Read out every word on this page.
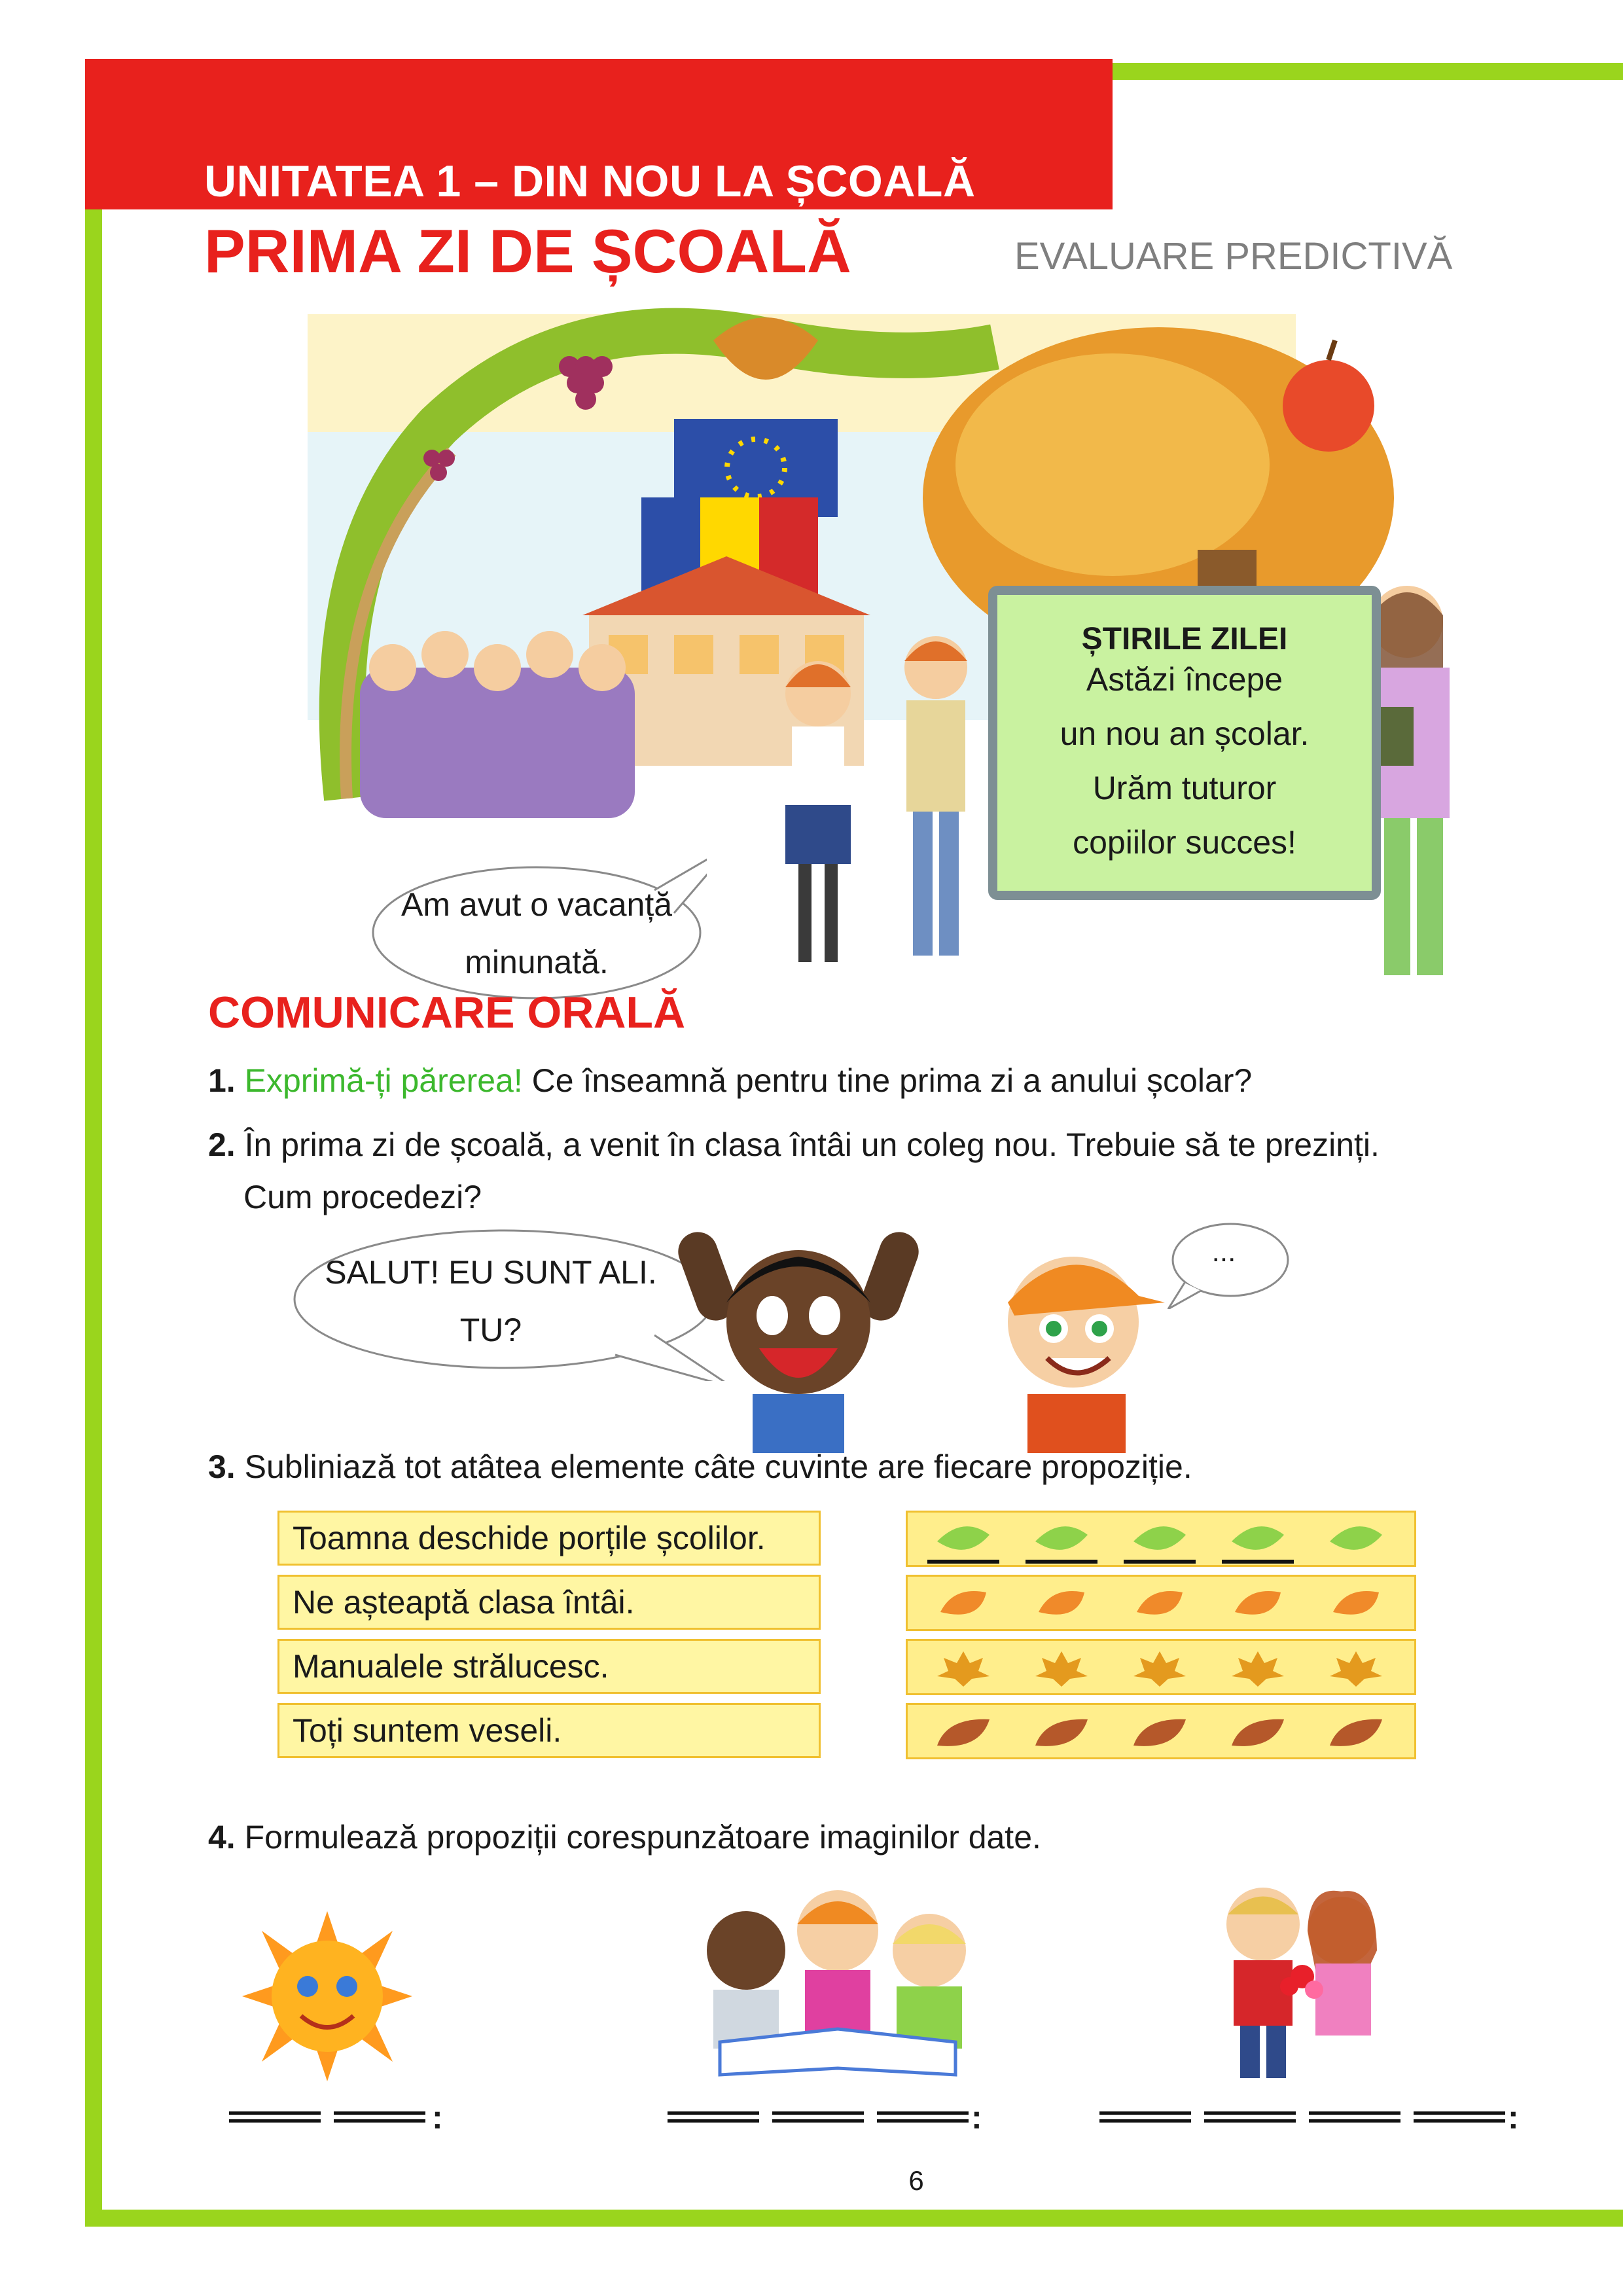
UNITATEA 1 – DIN NOU LA ȘCOALĂ
PRIMA ZI DE ȘCOALĂ	EVALUARE PREDICTIVĂ
ȘTIRILE ZILEI
Astăzi începe
un nou an școlar.
Urăm tuturor
copiilor succes!
Am avut o vacanță
minunată.
COMUNICARE ORALĂ
1. Exprimă-ți părerea! Ce înseamnă pentru tine prima zi a anului școlar?
2. În prima zi de școală, a venit în clasa întâi un coleg nou. Trebuie să te prezinți.
Cum procedezi?
SALUT! EU SUNT ALI.
TU?
...
3. Subliniază tot atâtea elemente câte cuvinte are fiecare propoziție.
Toamna deschide porțile școlilor.
Ne așteaptă clasa întâi.
Manualele strălucesc.
Toți suntem veseli.
4. Formulează propoziții corespunzătoare imaginilor date.
:	:	:
6
